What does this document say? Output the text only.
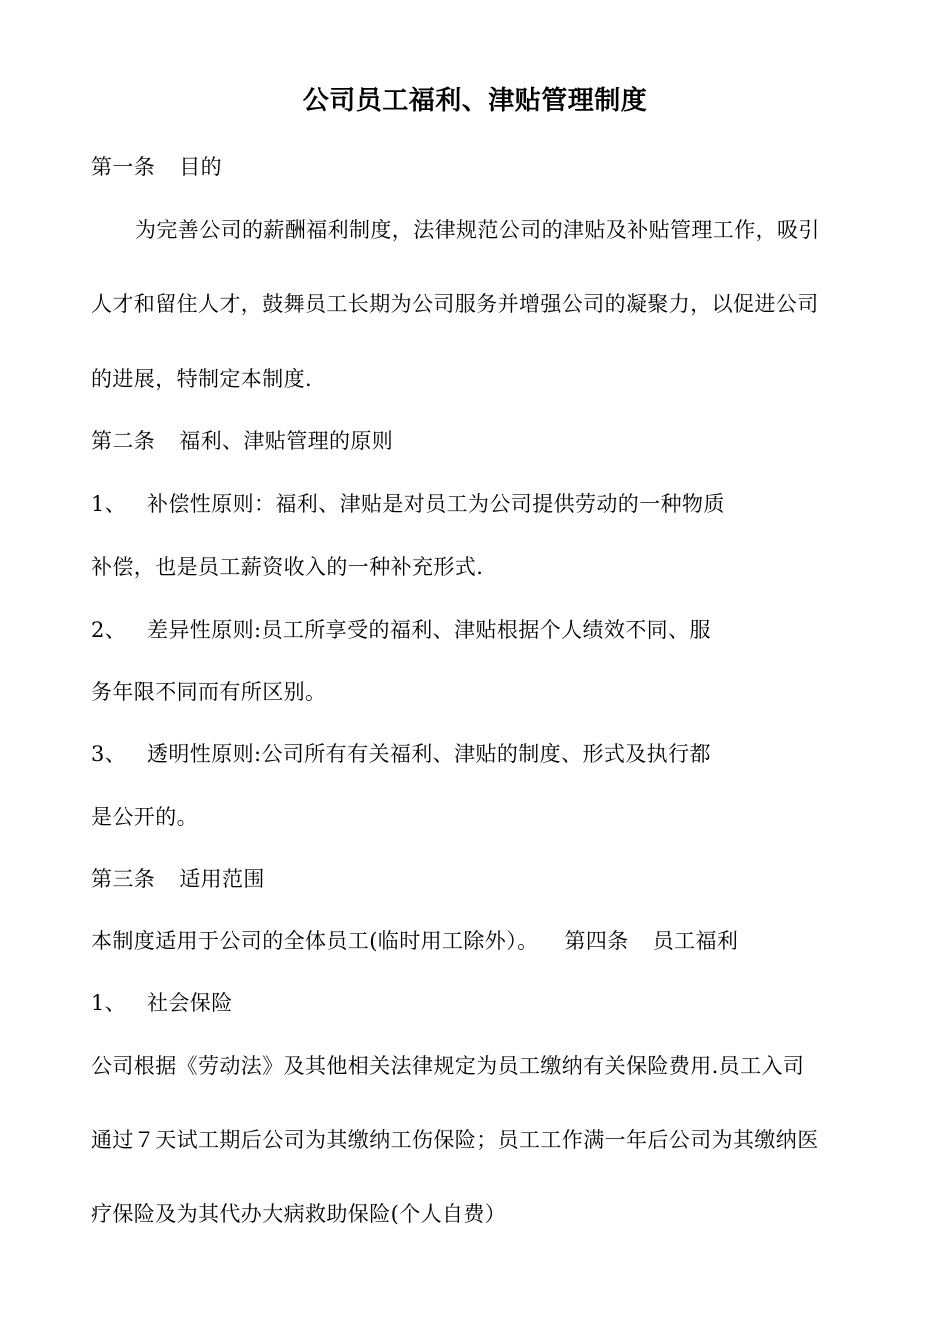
公司员工福利、津贴管理制度
第一条 目的
为完善公司的薪酬福利制度，法律规范公司的津贴及补贴管理工作，吸引
人才和留住人才，鼓舞员工长期为公司服务并增强公司的凝聚力，以促进公司
的进展，特制定本制度.
第二条 福利、津贴管理的原则
1、 补偿性原则：福利、津贴是对员工为公司提供劳动的一种物质
补偿，也是员工薪资收入的一种补充形式.
2、 差异性原则:员工所享受的福利、津贴根据个人绩效不同、服
务年限不同而有所区别。
3、 透明性原则:公司所有有关福利、津贴的制度、形式及执行都
是公开的。
第三条 适用范围
本制度适用于公司的全体员工(临时用工除外）。 第四条 员工福利
1、 社会保险
公司根据《劳动法》及其他相关法律规定为员工缴纳有关保险费用.员工入司
通过７天试工期后公司为其缴纳工伤保险；员工工作满一年后公司为其缴纳医
疗保险及为其代办大病救助保险(个人自费）
